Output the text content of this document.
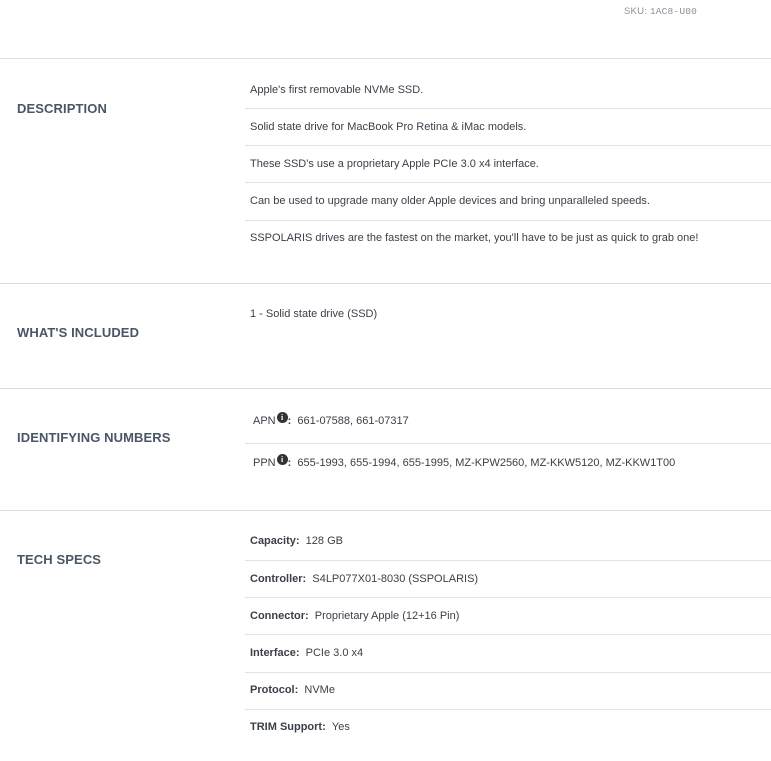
SKU: 1AC8-U00
DESCRIPTION
Apple's first removable NVMe SSD.
Solid state drive for MacBook Pro Retina & iMac models.
These SSD's use a proprietary Apple PCIe 3.0 x4 interface.
Can be used to upgrade many older Apple devices and bring unparalleled speeds.
SSPOLARIS drives are the fastest on the market, you'll have to be just as quick to grab one!
WHAT'S INCLUDED
1 - Solid state drive (SSD)
IDENTIFYING NUMBERS
APN i : 661-07588, 661-07317
PPN i : 655-1993, 655-1994, 655-1995, MZ-KPW2560, MZ-KKW5120, MZ-KKW1T00
TECH SPECS
Capacity: 128 GB
Controller: S4LP077X01-8030 (SSPOLARIS)
Connector: Proprietary Apple (12+16 Pin)
Interface: PCIe 3.0 x4
Protocol: NVMe
TRIM Support: Yes
